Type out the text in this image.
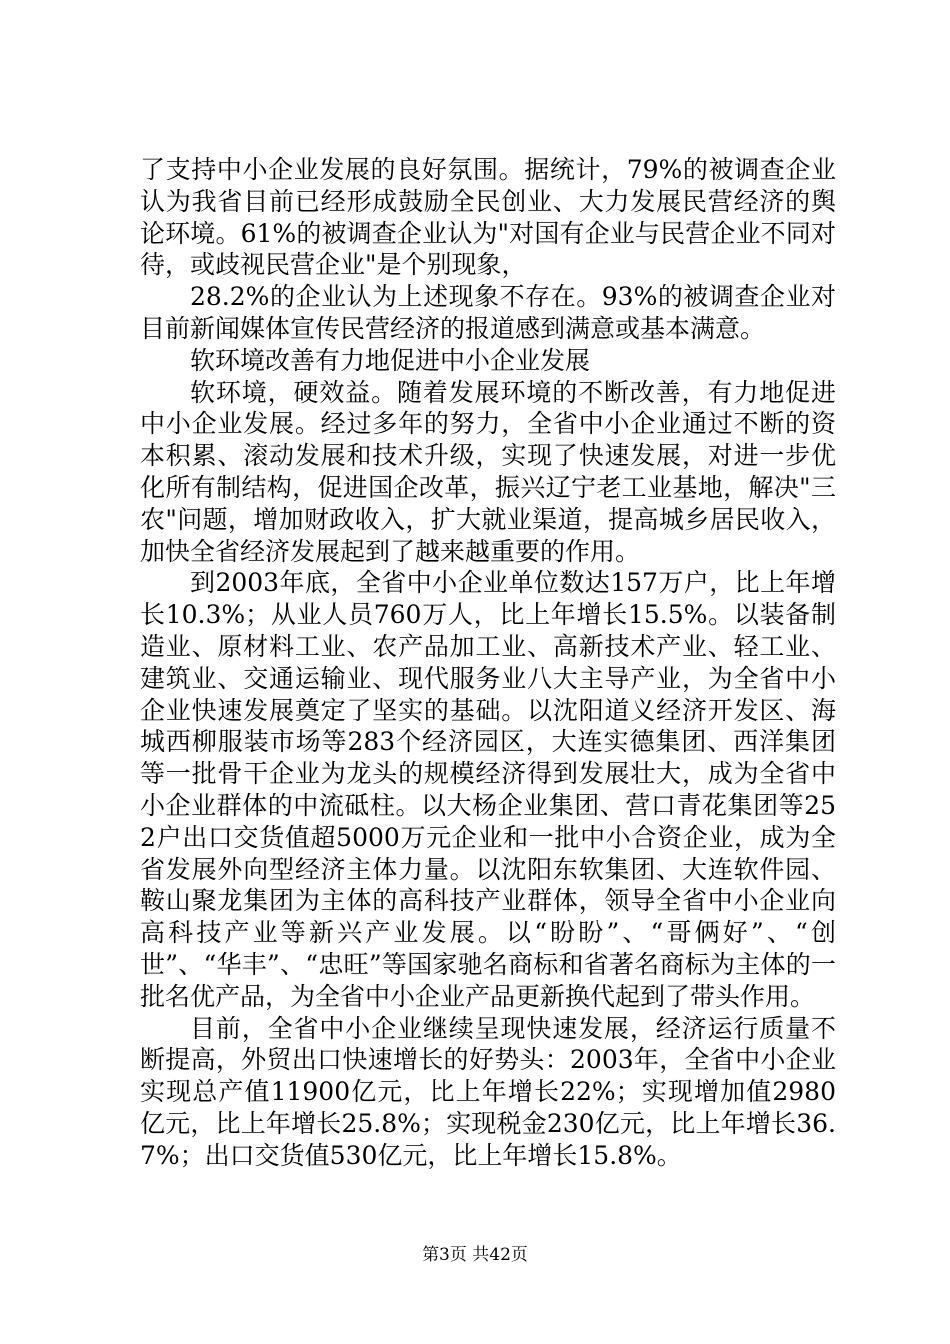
了支持中小企业发展的良好氛围。据统计，79%的被调查企业认为我省目前已经形成鼓励全民创业、大力发展民营经济的舆论环境。61%的被调查企业认为"对国有企业与民营企业不同对待，或歧视民营企业"是个别现象，

28.2%的企业认为上述现象不存在。93%的被调查企业对目前新闻媒体宣传民营经济的报道感到满意或基本满意。

软环境改善有力地促进中小企业发展

软环境，硬效益。随着发展环境的不断改善，有力地促进中小企业发展。经过多年的努力，全省中小企业通过不断的资本积累、滚动发展和技术升级，实现了快速发展，对进一步优化所有制结构，促进国企改革，振兴辽宁老工业基地，解决"三农"问题，增加财政收入，扩大就业渠道，提高城乡居民收入，加快全省经济发展起到了越来越重要的作用。

到2003年底，全省中小企业单位数达157万户，比上年增长10.3%；从业人员760万人，比上年增长15.5%。以装备制造业、原材料工业、农产品加工业、高新技术产业、轻工业、建筑业、交通运输业、现代服务业八大主导产业，为全省中小企业快速发展奠定了坚实的基础。以沈阳道义经济开发区、海城西柳服装市场等283个经济园区，大连实德集团、西洋集团等一批骨干企业为龙头的规模经济得到发展壮大，成为全省中小企业群体的中流砥柱。以大杨企业集团、营口青花集团等252户出口交货值超5000万元企业和一批中小合资企业，成为全省发展外向型经济主体力量。以沈阳东软集团、大连软件园、鞍山聚龙集团为主体的高科技产业群体，领导全省中小企业向高科技产业等新兴产业发展。以“盼盼”、“哥俩好”、“创世”、“华丰”、“忠旺”等国家驰名商标和省著名商标为主体的一批名优产品，为全省中小企业产品更新换代起到了带头作用。

目前，全省中小企业继续呈现快速发展，经济运行质量不断提高，外贸出口快速增长的好势头：2003年，全省中小企业实现总产值11900亿元，比上年增长22%；实现增加值2980亿元，比上年增长25.8%；实现税金230亿元，比上年增长36.7%；出口交货值530亿元，比上年增长15.8%。

第3页 共42页
